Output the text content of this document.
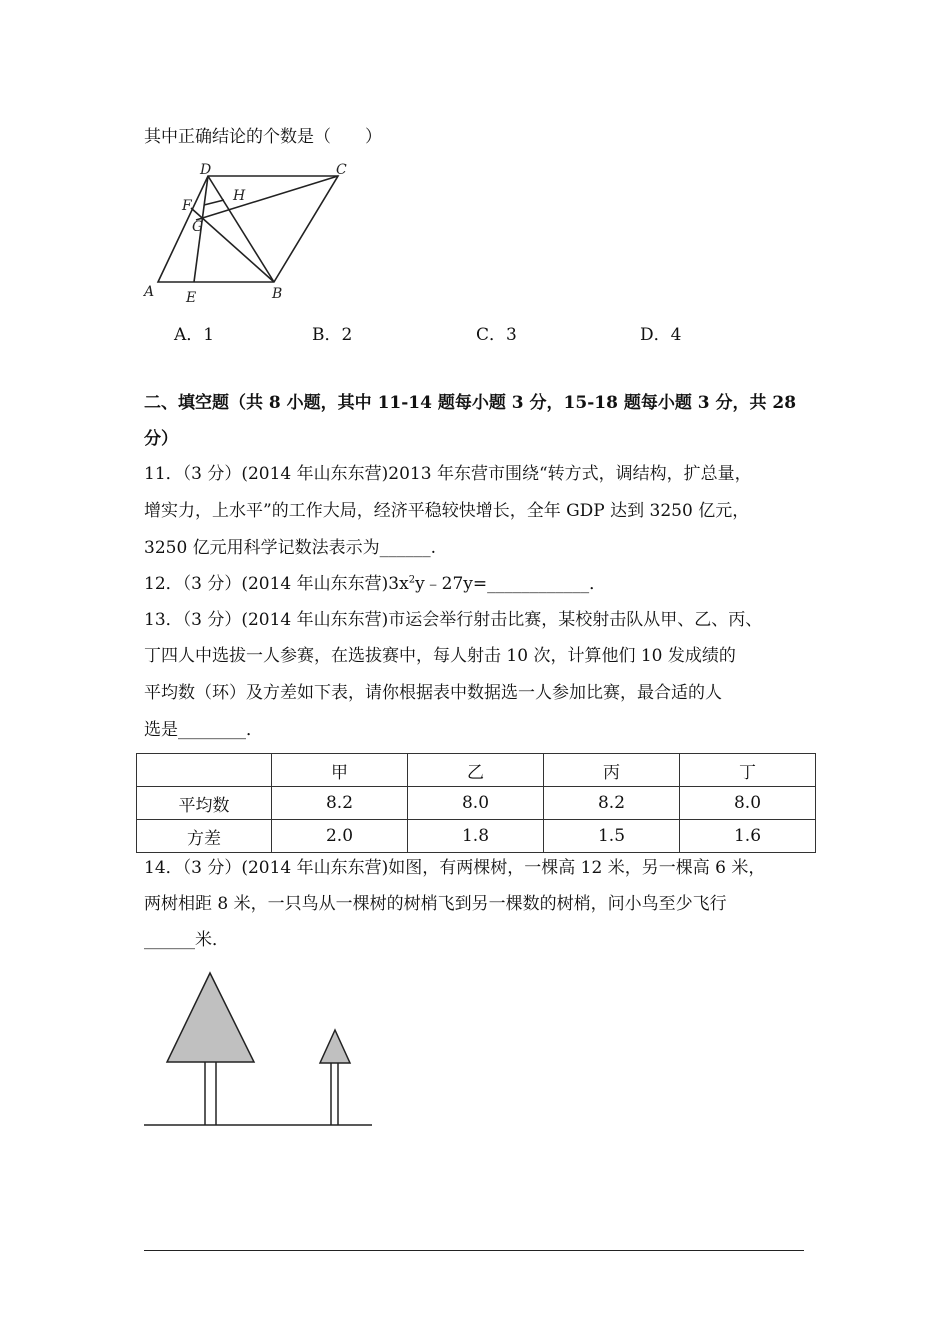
其中正确结论的个数是（　　）
D	C
H
F
G
A E	B
A．1	B．2	C．3	D．4
二、填空题（共 8 小题，其中 11-14 题每小题 3 分，15-18 题每小题 3 分，共 28
分）
11．（3 分）(2014 年山东东营)2013 年东营市围绕“转方式，调结构，扩总量，
增实力，上水平”的工作大局，经济平稳较快增长，全年 GDP 达到 3250 亿元，
3250 亿元用科学记数法表示为______.
12．（3 分）(2014 年山东东营)$3x^2y﹣27y=\_\_\_\_\_\_\_\_\_\_\_\_$．
13．（3 分）(2014 年山东东营)市运会举行射击比赛，某校射击队从甲、乙、丙、
丁四人中选拔一人参赛，在选拔赛中，每人射击 10 次，计算他们 10 发成绩的
平均数（环）及方差如下表，请你根据表中数据选一人参加比赛，最合适的人
选是________．
	甲	乙	丙	丁
平均数	8.2	8.0	8.2	8.0
方差	2.0	1.8	1.5	1.6
14．（3 分）(2014 年山东东营)如图，有两棵树，一棵高 12 米，另一棵高 6 米，
两树相距 8 米，一只鸟从一棵树的树梢飞到另一棵数的树梢，问小鸟至少飞行
______米．
